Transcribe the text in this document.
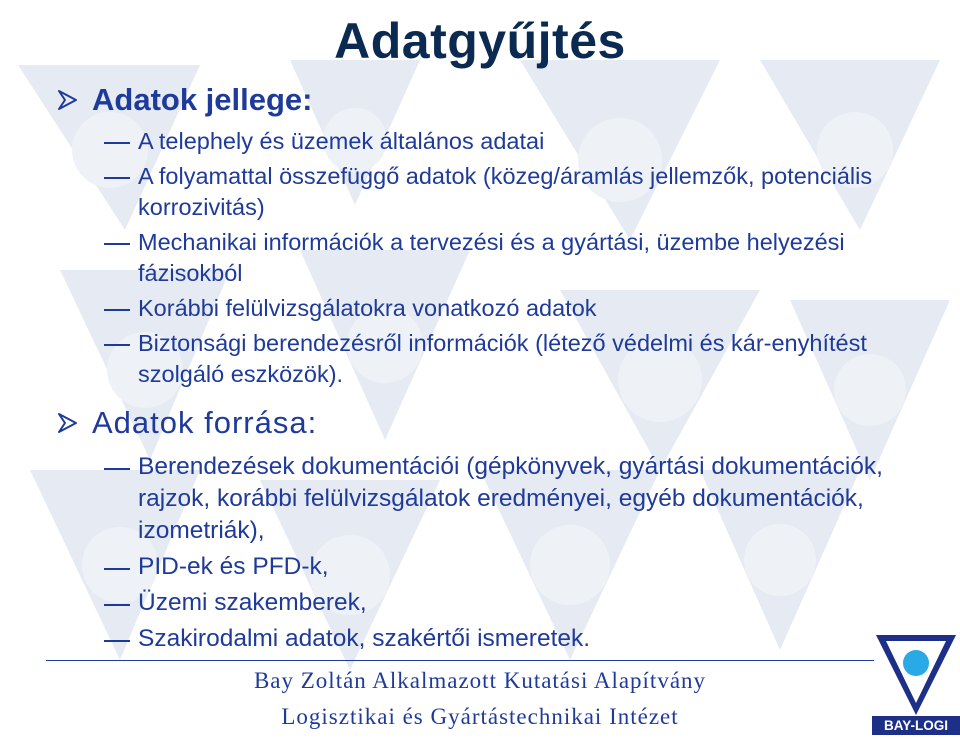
Adatgyűjtés
Adatok jellege:
A telephely és üzemek általános adatai
A folyamattal összefüggő adatok (közeg/áramlás jellemzők, potenciális korrozivitás)
Mechanikai információk a tervezési és a gyártási, üzembe helyezési fázisokból
Korábbi felülvizsgálatokra vonatkozó adatok
Biztonsági berendezésről információk (létező védelmi és kár-enyhítést szolgáló eszközök).
Adatok forrása:
Berendezések dokumentációi (gépkönyvek, gyártási dokumentációk, rajzok, korábbi felülvizsgálatok eredményei, egyéb dokumentációk, izometriák),
PID-ek és PFD-k,
Üzemi szakemberek,
Szakirodalmi adatok, szakértői ismeretek.
Bay Zoltán Alkalmazott Kutatási Alapítvány
Logisztikai és Gyártástechnikai Intézet	BAY-LOGI
